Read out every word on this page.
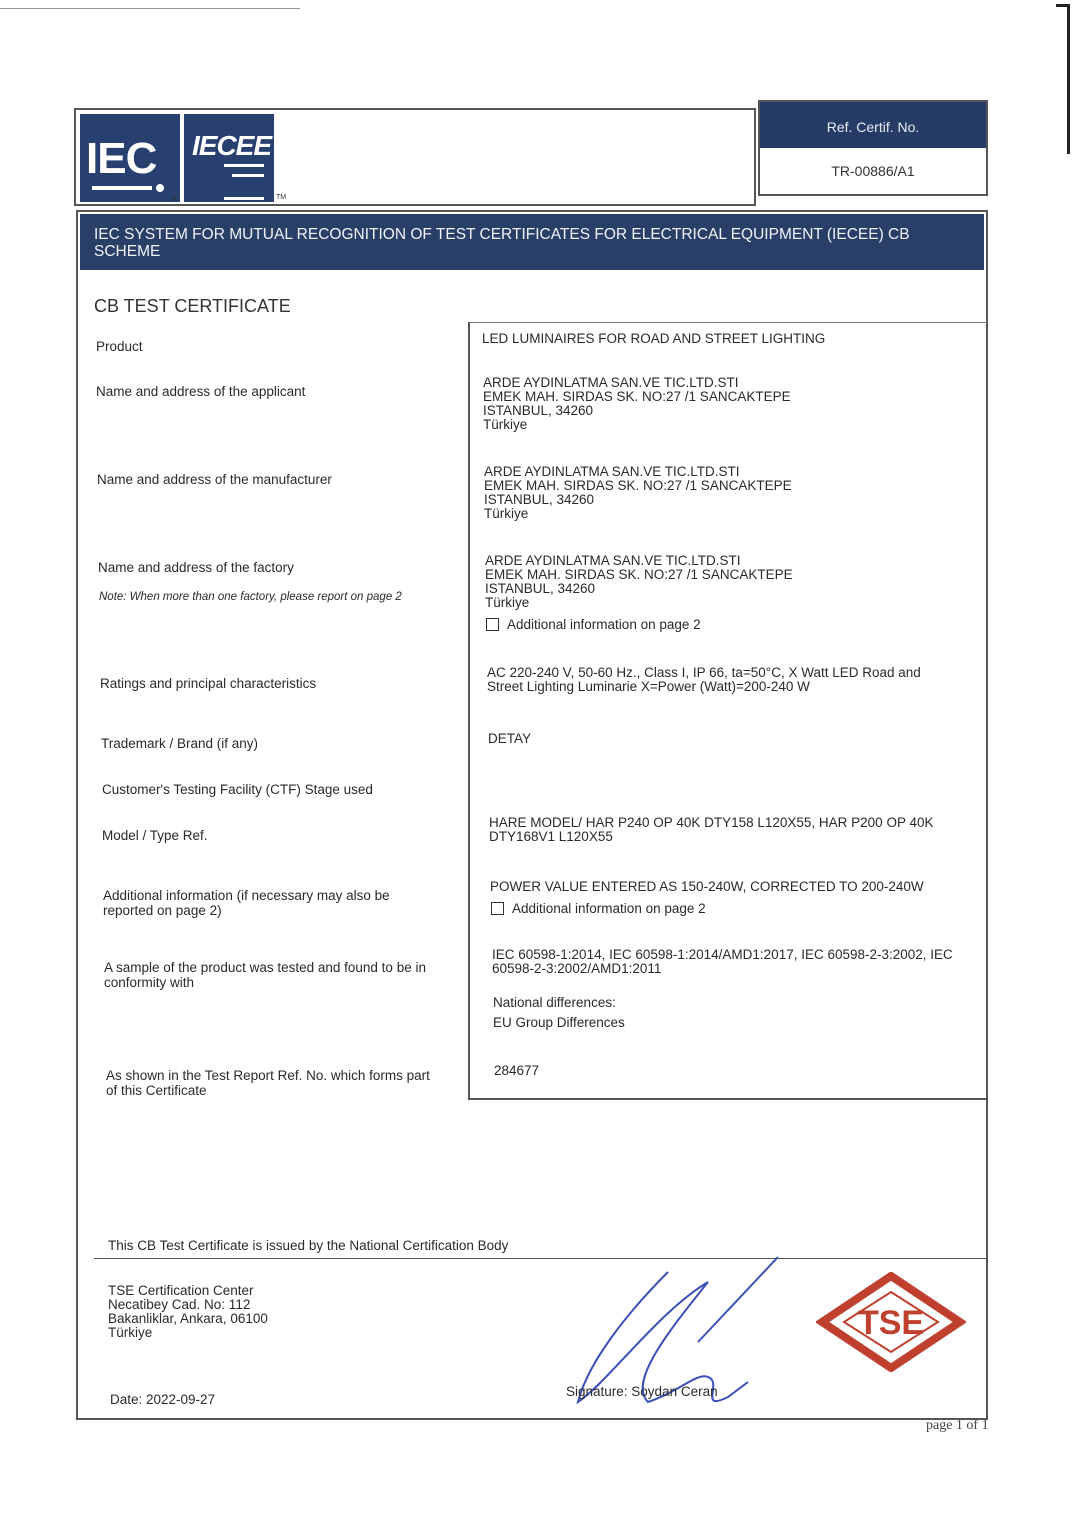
IEC
®
IECEE
TM
Ref. Certif. No.
TR-00886/A1
IEC SYSTEM FOR MUTUAL RECOGNITION OF TEST CERTIFICATES FOR ELECTRICAL EQUIPMENT (IECEE) CB SCHEME
CB TEST CERTIFICATE
Product
Name and address of the applicant
Name and address of the manufacturer
Name and address of the factory
Note: When more than one factory, please report on page 2
Ratings and principal characteristics
Trademark / Brand (if any)
Customer's Testing Facility (CTF) Stage used
Model / Type Ref.
Additional information (if necessary may also be
reported on page 2)
A sample of the product was tested and found to be in
conformity with
As shown in the Test Report Ref. No. which forms part
of this Certificate
LED LUMINAIRES FOR ROAD AND STREET LIGHTING
ARDE AYDINLATMA SAN.VE TIC.LTD.STI
EMEK MAH. SIRDAS SK. NO:27 /1 SANCAKTEPE
ISTANBUL, 34260
Türkiye
ARDE AYDINLATMA SAN.VE TIC.LTD.STI
EMEK MAH. SIRDAS SK. NO:27 /1 SANCAKTEPE
ISTANBUL, 34260
Türkiye
ARDE AYDINLATMA SAN.VE TIC.LTD.STI
EMEK MAH. SIRDAS SK. NO:27 /1 SANCAKTEPE
ISTANBUL, 34260
Türkiye
Additional information on page 2
AC 220-240 V, 50-60 Hz., Class I, IP 66, ta=50°C, X Watt LED Road and
Street Lighting Luminarie X=Power (Watt)=200-240 W
DETAY
HARE MODEL/ HAR P240 OP 40K DTY158 L120X55, HAR P200 OP 40K
DTY168V1 L120X55
POWER VALUE ENTERED AS 150-240W, CORRECTED TO 200-240W
Additional information on page 2
IEC 60598-1:2014, IEC 60598-1:2014/AMD1:2017, IEC 60598-2-3:2002, IEC
60598-2-3:2002/AMD1:2011
National differences:
EU Group Differences
284677
This CB Test Certificate is issued by the National Certification Body
TSE Certification Center
Necatibey Cad. No: 112
Bakanliklar, Ankara, 06100
Türkiye
Date: 2022-09-27
Signature: Soydan Ceran
TSE
page 1 of 1
